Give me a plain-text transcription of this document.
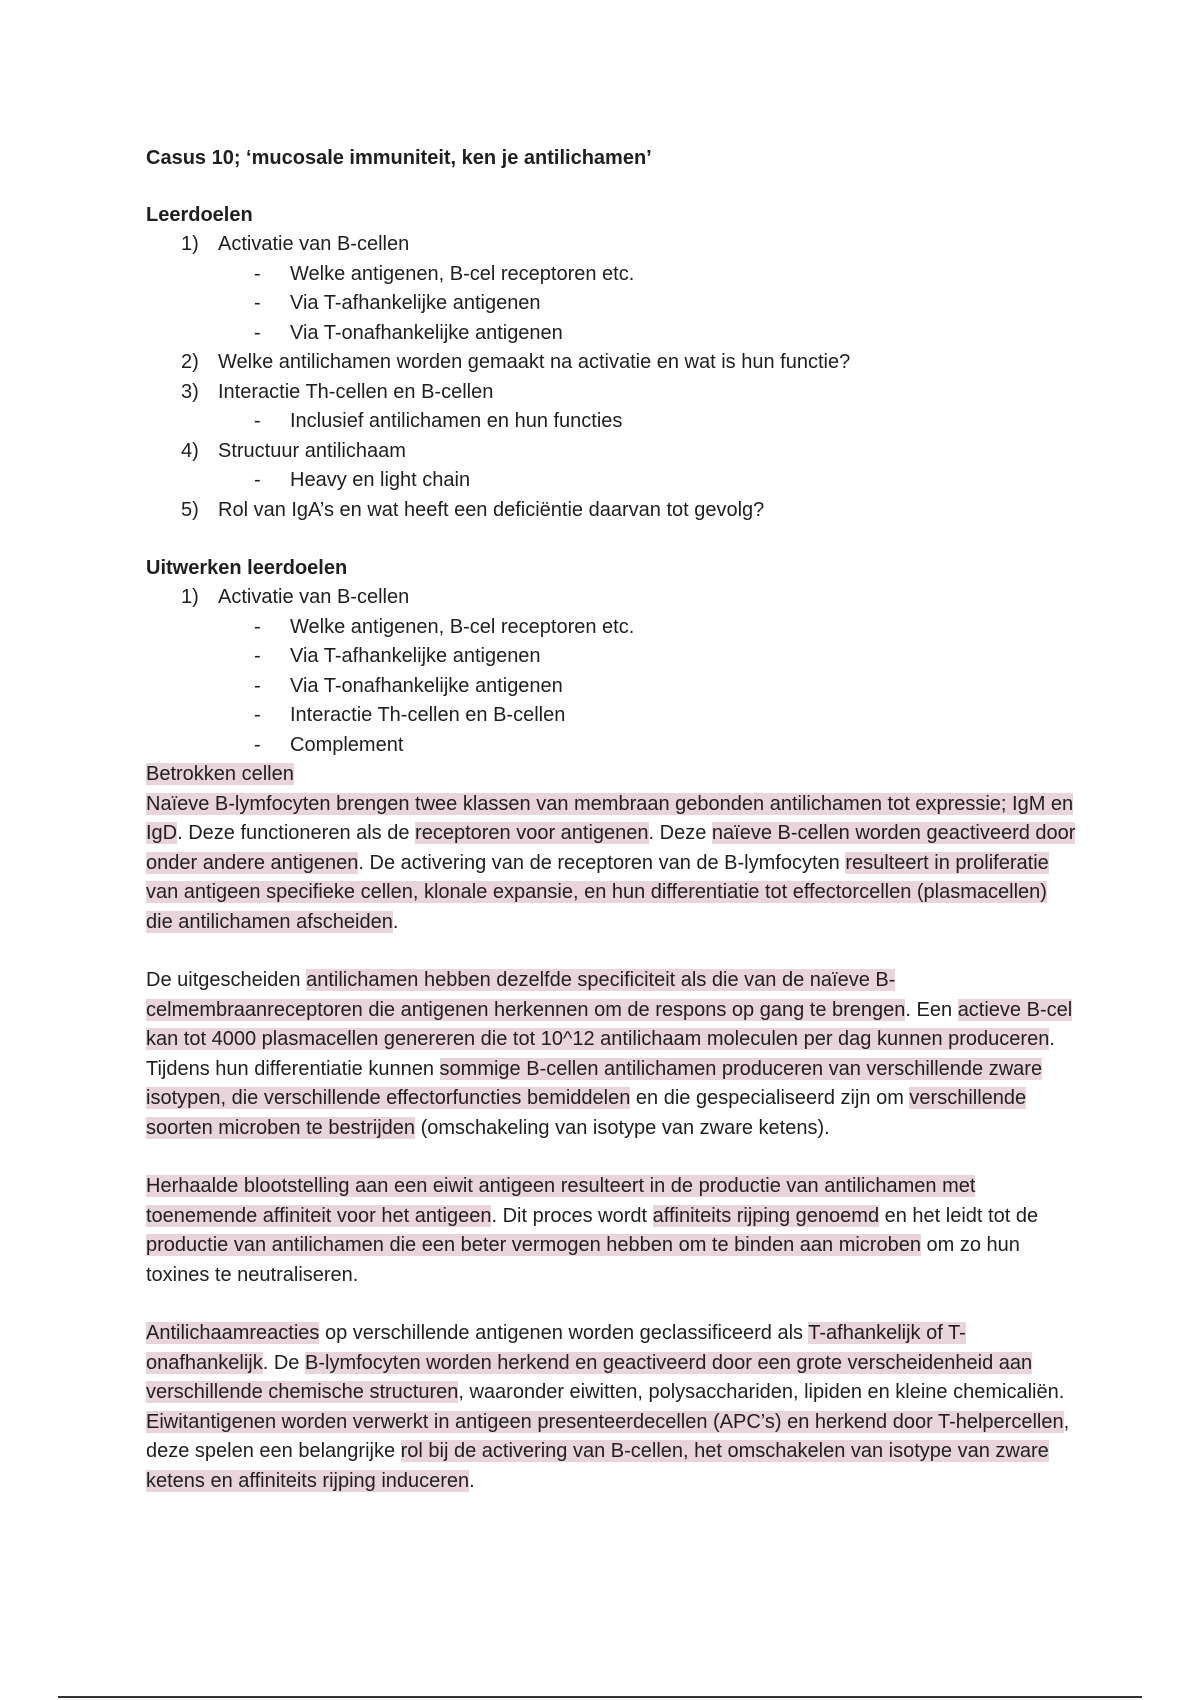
Casus 10; ‘mucosale immuniteit, ken je antilichamen’
Leerdoelen
1) Activatie van B-cellen
- Welke antigenen, B-cel receptoren etc.
- Via T-afhankelijke antigenen
- Via T-onafhankelijke antigenen
2) Welke antilichamen worden gemaakt na activatie en wat is hun functie?
3) Interactie Th-cellen en B-cellen
- Inclusief antilichamen en hun functies
4) Structuur antilichaam
- Heavy en light chain
5) Rol van IgA’s en wat heeft een deficiëntie daarvan tot gevolg?
Uitwerken leerdoelen
1) Activatie van B-cellen
- Welke antigenen, B-cel receptoren etc.
- Via T-afhankelijke antigenen
- Via T-onafhankelijke antigenen
- Interactie Th-cellen en B-cellen
- Complement

Betrokken cellen
Naïeve B-lymfocyten brengen twee klassen van membraan gebonden antilichamen tot expressie; IgM en IgD. Deze functioneren als de receptoren voor antigenen. Deze naïeve B-cellen worden geactiveerd door onder andere antigenen. De activering van de receptoren van de B-lymfocyten resulteert in proliferatie van antigeen specifieke cellen, klonale expansie, en hun differentiatie tot effectorcellen (plasmacellen) die antilichamen afscheiden.

De uitgescheiden antilichamen hebben dezelfde specificiteit als die van de naïeve B-celmembraanreceptoren die antigenen herkennen om de respons op gang te brengen. Een actieve B-cel kan tot 4000 plasmacellen genereren die tot 10^12 antilichaam moleculen per dag kunnen produceren. Tijdens hun differentiatie kunnen sommige B-cellen antilichamen produceren van verschillende zware isotypen, die verschillende effectorfuncties bemiddelen en die gespecialiseerd zijn om verschillende soorten microben te bestrijden (omschakeling van isotype van zware ketens).

Herhaalde blootstelling aan een eiwit antigeen resulteert in de productie van antilichamen met toenemende affiniteit voor het antigeen. Dit proces wordt affiniteits rijping genoemd en het leidt tot de productie van antilichamen die een beter vermogen hebben om te binden aan microben om zo hun toxines te neutraliseren.

Antilichaamreacties op verschillende antigenen worden geclassificeerd als T-afhankelijk of T-onafhankelijk. De B-lymfocyten worden herkend en geactiveerd door een grote verscheidenheid aan verschillende chemische structuren, waaronder eiwitten, polysacchariden, lipiden en kleine chemicaliën. Eiwitantigenen worden verwerkt in antigeen presenteerdecellen (APC’s) en herkend door T-helpercellen, deze spelen een belangrijke rol bij de activering van B-cellen, het omschakelen van isotype van zware ketens en affiniteits rijping induceren.
